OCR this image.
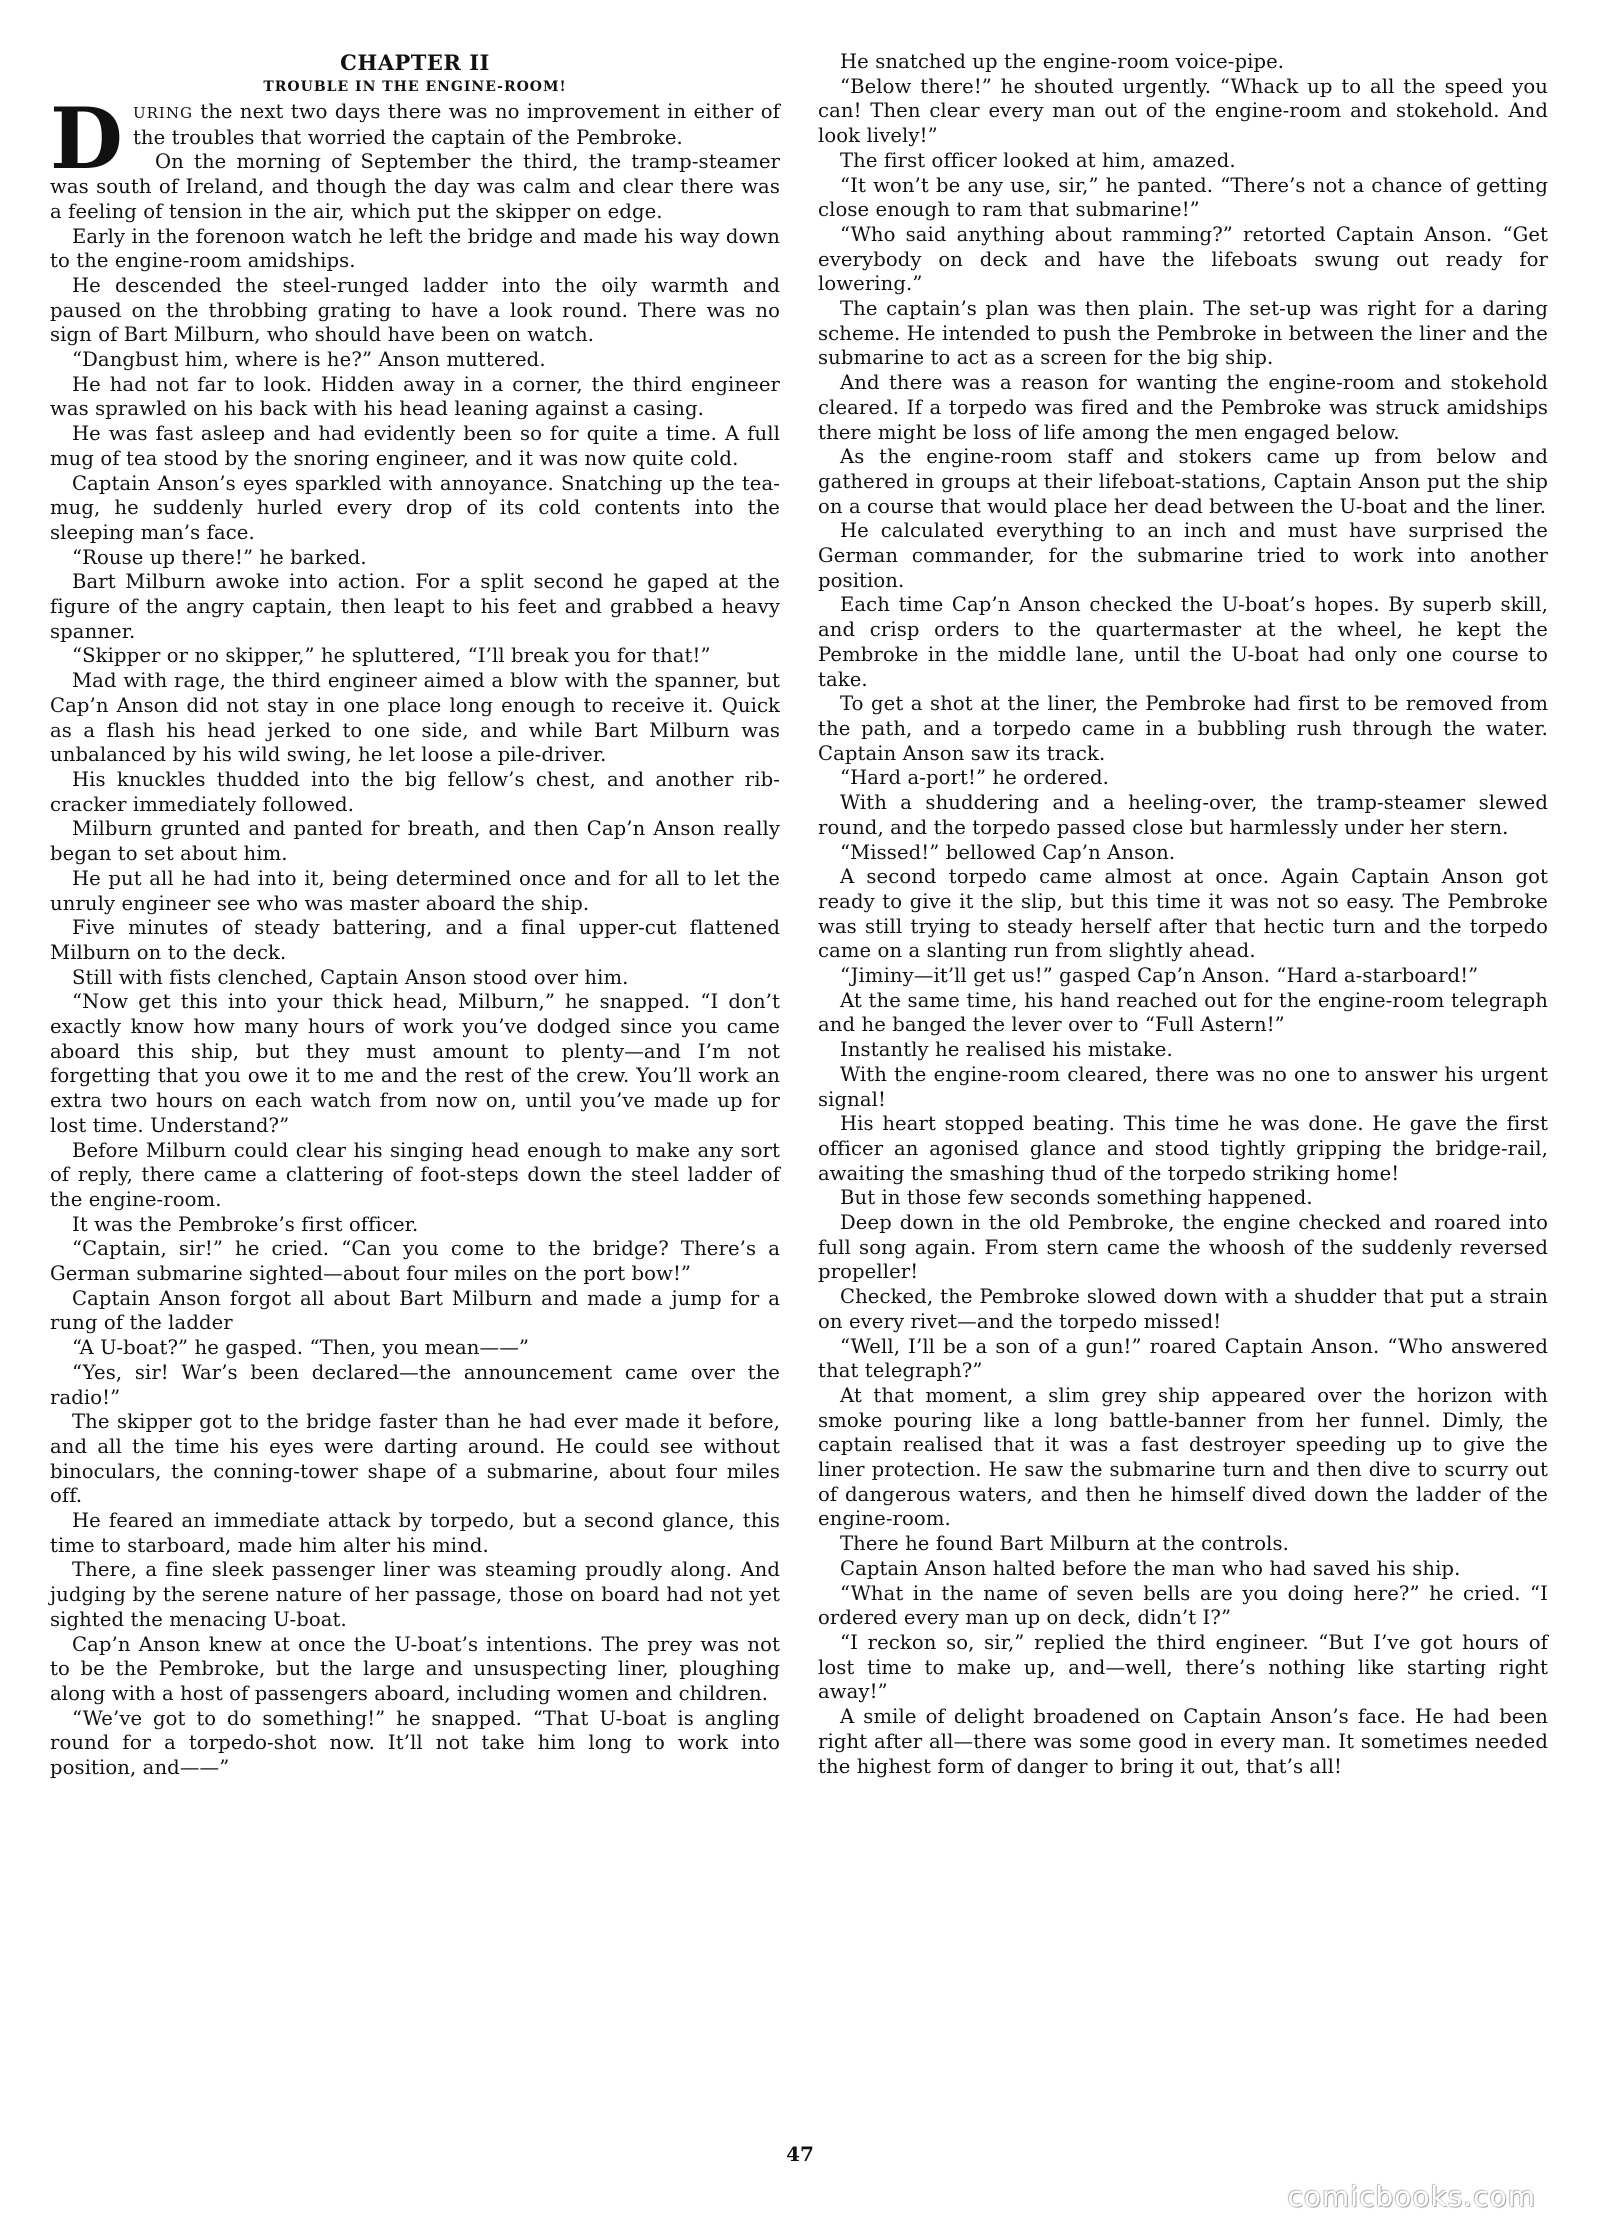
CHAPTER II
TROUBLE IN THE ENGINE-ROOM!

DURING the next two days there was no improvement in either of the troubles that worried the captain of the Pembroke.

On the morning of September the third, the tramp-steamer was south of Ireland, and though the day was calm and clear there was a feeling of tension in the air, which put the skipper on edge.

Early in the forenoon watch he left the bridge and made his way down to the engine-room amidships.

He descended the steel-runged ladder into the oily warmth and paused on the throbbing grating to have a look round. There was no sign of Bart Milburn, who should have been on watch.

“Dangbust him, where is he?” Anson muttered.

He had not far to look. Hidden away in a corner, the third engineer was sprawled on his back with his head leaning against a casing.

He was fast asleep and had evidently been so for quite a time. A full mug of tea stood by the snoring engineer, and it was now quite cold.

Captain Anson’s eyes sparkled with annoyance. Snatching up the tea-mug, he suddenly hurled every drop of its cold contents into the sleeping man’s face.

“Rouse up there!” he barked.

Bart Milburn awoke into action. For a split second he gaped at the figure of the angry captain, then leapt to his feet and grabbed a heavy spanner.

“Skipper or no skipper,” he spluttered, “I’ll break you for that!”

Mad with rage, the third engineer aimed a blow with the spanner, but Cap’n Anson did not stay in one place long enough to receive it. Quick as a flash his head jerked to one side, and while Bart Milburn was unbalanced by his wild swing, he let loose a pile-driver.

His knuckles thudded into the big fellow’s chest, and another rib-cracker immediately followed.

Milburn grunted and panted for breath, and then Cap’n Anson really began to set about him.

He put all he had into it, being determined once and for all to let the unruly engineer see who was master aboard the ship.

Five minutes of steady battering, and a final upper-cut flattened Milburn on to the deck.

Still with fists clenched, Captain Anson stood over him.

“Now get this into your thick head, Milburn,” he snapped. “I don’t exactly know how many hours of work you’ve dodged since you came aboard this ship, but they must amount to plenty—and I’m not forgetting that you owe it to me and the rest of the crew. You’ll work an extra two hours on each watch from now on, until you’ve made up for lost time. Understand?”

Before Milburn could clear his singing head enough to make any sort of reply, there came a clattering of foot-steps down the steel ladder of the engine-room.

It was the Pembroke’s first officer.

“Captain, sir!” he cried. “Can you come to the bridge? There’s a German submarine sighted—about four miles on the port bow!”

Captain Anson forgot all about Bart Milburn and made a jump for a rung of the ladder

“A U-boat?” he gasped. “Then, you mean——”

“Yes, sir! War’s been declared—the announcement came over the radio!”

The skipper got to the bridge faster than he had ever made it before, and all the time his eyes were darting around. He could see without binoculars, the conning-tower shape of a submarine, about four miles off.

He feared an immediate attack by torpedo, but a second glance, this time to starboard, made him alter his mind.

There, a fine sleek passenger liner was steaming proudly along. And judging by the serene nature of her passage, those on board had not yet sighted the menacing U-boat.

Cap’n Anson knew at once the U-boat’s intentions. The prey was not to be the Pembroke, but the large and unsuspecting liner, ploughing along with a host of passengers aboard, including women and children.

“We’ve got to do something!” he snapped. “That U-boat is angling round for a torpedo-shot now. It’ll not take him long to work into position, and——”

He snatched up the engine-room voice-pipe.

“Below there!” he shouted urgently. “Whack up to all the speed you can! Then clear every man out of the engine-room and stokehold. And look lively!”

The first officer looked at him, amazed.

“It won’t be any use, sir,” he panted. “There’s not a chance of getting close enough to ram that submarine!”

“Who said anything about ramming?” retorted Captain Anson. “Get everybody on deck and have the lifeboats swung out ready for lowering.”

The captain’s plan was then plain. The set-up was right for a daring scheme. He intended to push the Pembroke in between the liner and the submarine to act as a screen for the big ship.

And there was a reason for wanting the engine-room and stokehold cleared. If a torpedo was fired and the Pembroke was struck amidships there might be loss of life among the men engaged below.

As the engine-room staff and stokers came up from below and gathered in groups at their lifeboat-stations, Captain Anson put the ship on a course that would place her dead between the U-boat and the liner.

He calculated everything to an inch and must have surprised the German commander, for the submarine tried to work into another position.

Each time Cap’n Anson checked the U-boat’s hopes. By superb skill, and crisp orders to the quartermaster at the wheel, he kept the Pembroke in the middle lane, until the U-boat had only one course to take.

To get a shot at the liner, the Pembroke had first to be removed from the path, and a torpedo came in a bubbling rush through the water. Captain Anson saw its track.

“Hard a-port!” he ordered.

With a shuddering and a heeling-over, the tramp-steamer slewed round, and the torpedo passed close but harmlessly under her stern.

“Missed!” bellowed Cap’n Anson.

A second torpedo came almost at once. Again Captain Anson got ready to give it the slip, but this time it was not so easy. The Pembroke was still trying to steady herself after that hectic turn and the torpedo came on a slanting run from slightly ahead.

“Jiminy—it’ll get us!” gasped Cap’n Anson. “Hard a-starboard!”

At the same time, his hand reached out for the engine-room telegraph and he banged the lever over to “Full Astern!”

Instantly he realised his mistake.

With the engine-room cleared, there was no one to answer his urgent signal!

His heart stopped beating. This time he was done. He gave the first officer an agonised glance and stood tightly gripping the bridge-rail, awaiting the smashing thud of the torpedo striking home!

But in those few seconds something happened.

Deep down in the old Pembroke, the engine checked and roared into full song again. From stern came the whoosh of the suddenly reversed propeller!

Checked, the Pembroke slowed down with a shudder that put a strain on every rivet—and the torpedo missed!

“Well, I’ll be a son of a gun!” roared Captain Anson. “Who answered that telegraph?”

At that moment, a slim grey ship appeared over the horizon with smoke pouring like a long battle-banner from her funnel. Dimly, the captain realised that it was a fast destroyer speeding up to give the liner protection. He saw the submarine turn and then dive to scurry out of dangerous waters, and then he himself dived down the ladder of the engine-room.

There he found Bart Milburn at the controls.

Captain Anson halted before the man who had saved his ship.

“What in the name of seven bells are you doing here?” he cried. “I ordered every man up on deck, didn’t I?”

“I reckon so, sir,” replied the third engineer. “But I’ve got hours of lost time to make up, and—well, there’s nothing like starting right away!”

A smile of delight broadened on Captain Anson’s face. He had been right after all—there was some good in every man. It sometimes needed the highest form of danger to bring it out, that’s all!

47
comicbooks.com
